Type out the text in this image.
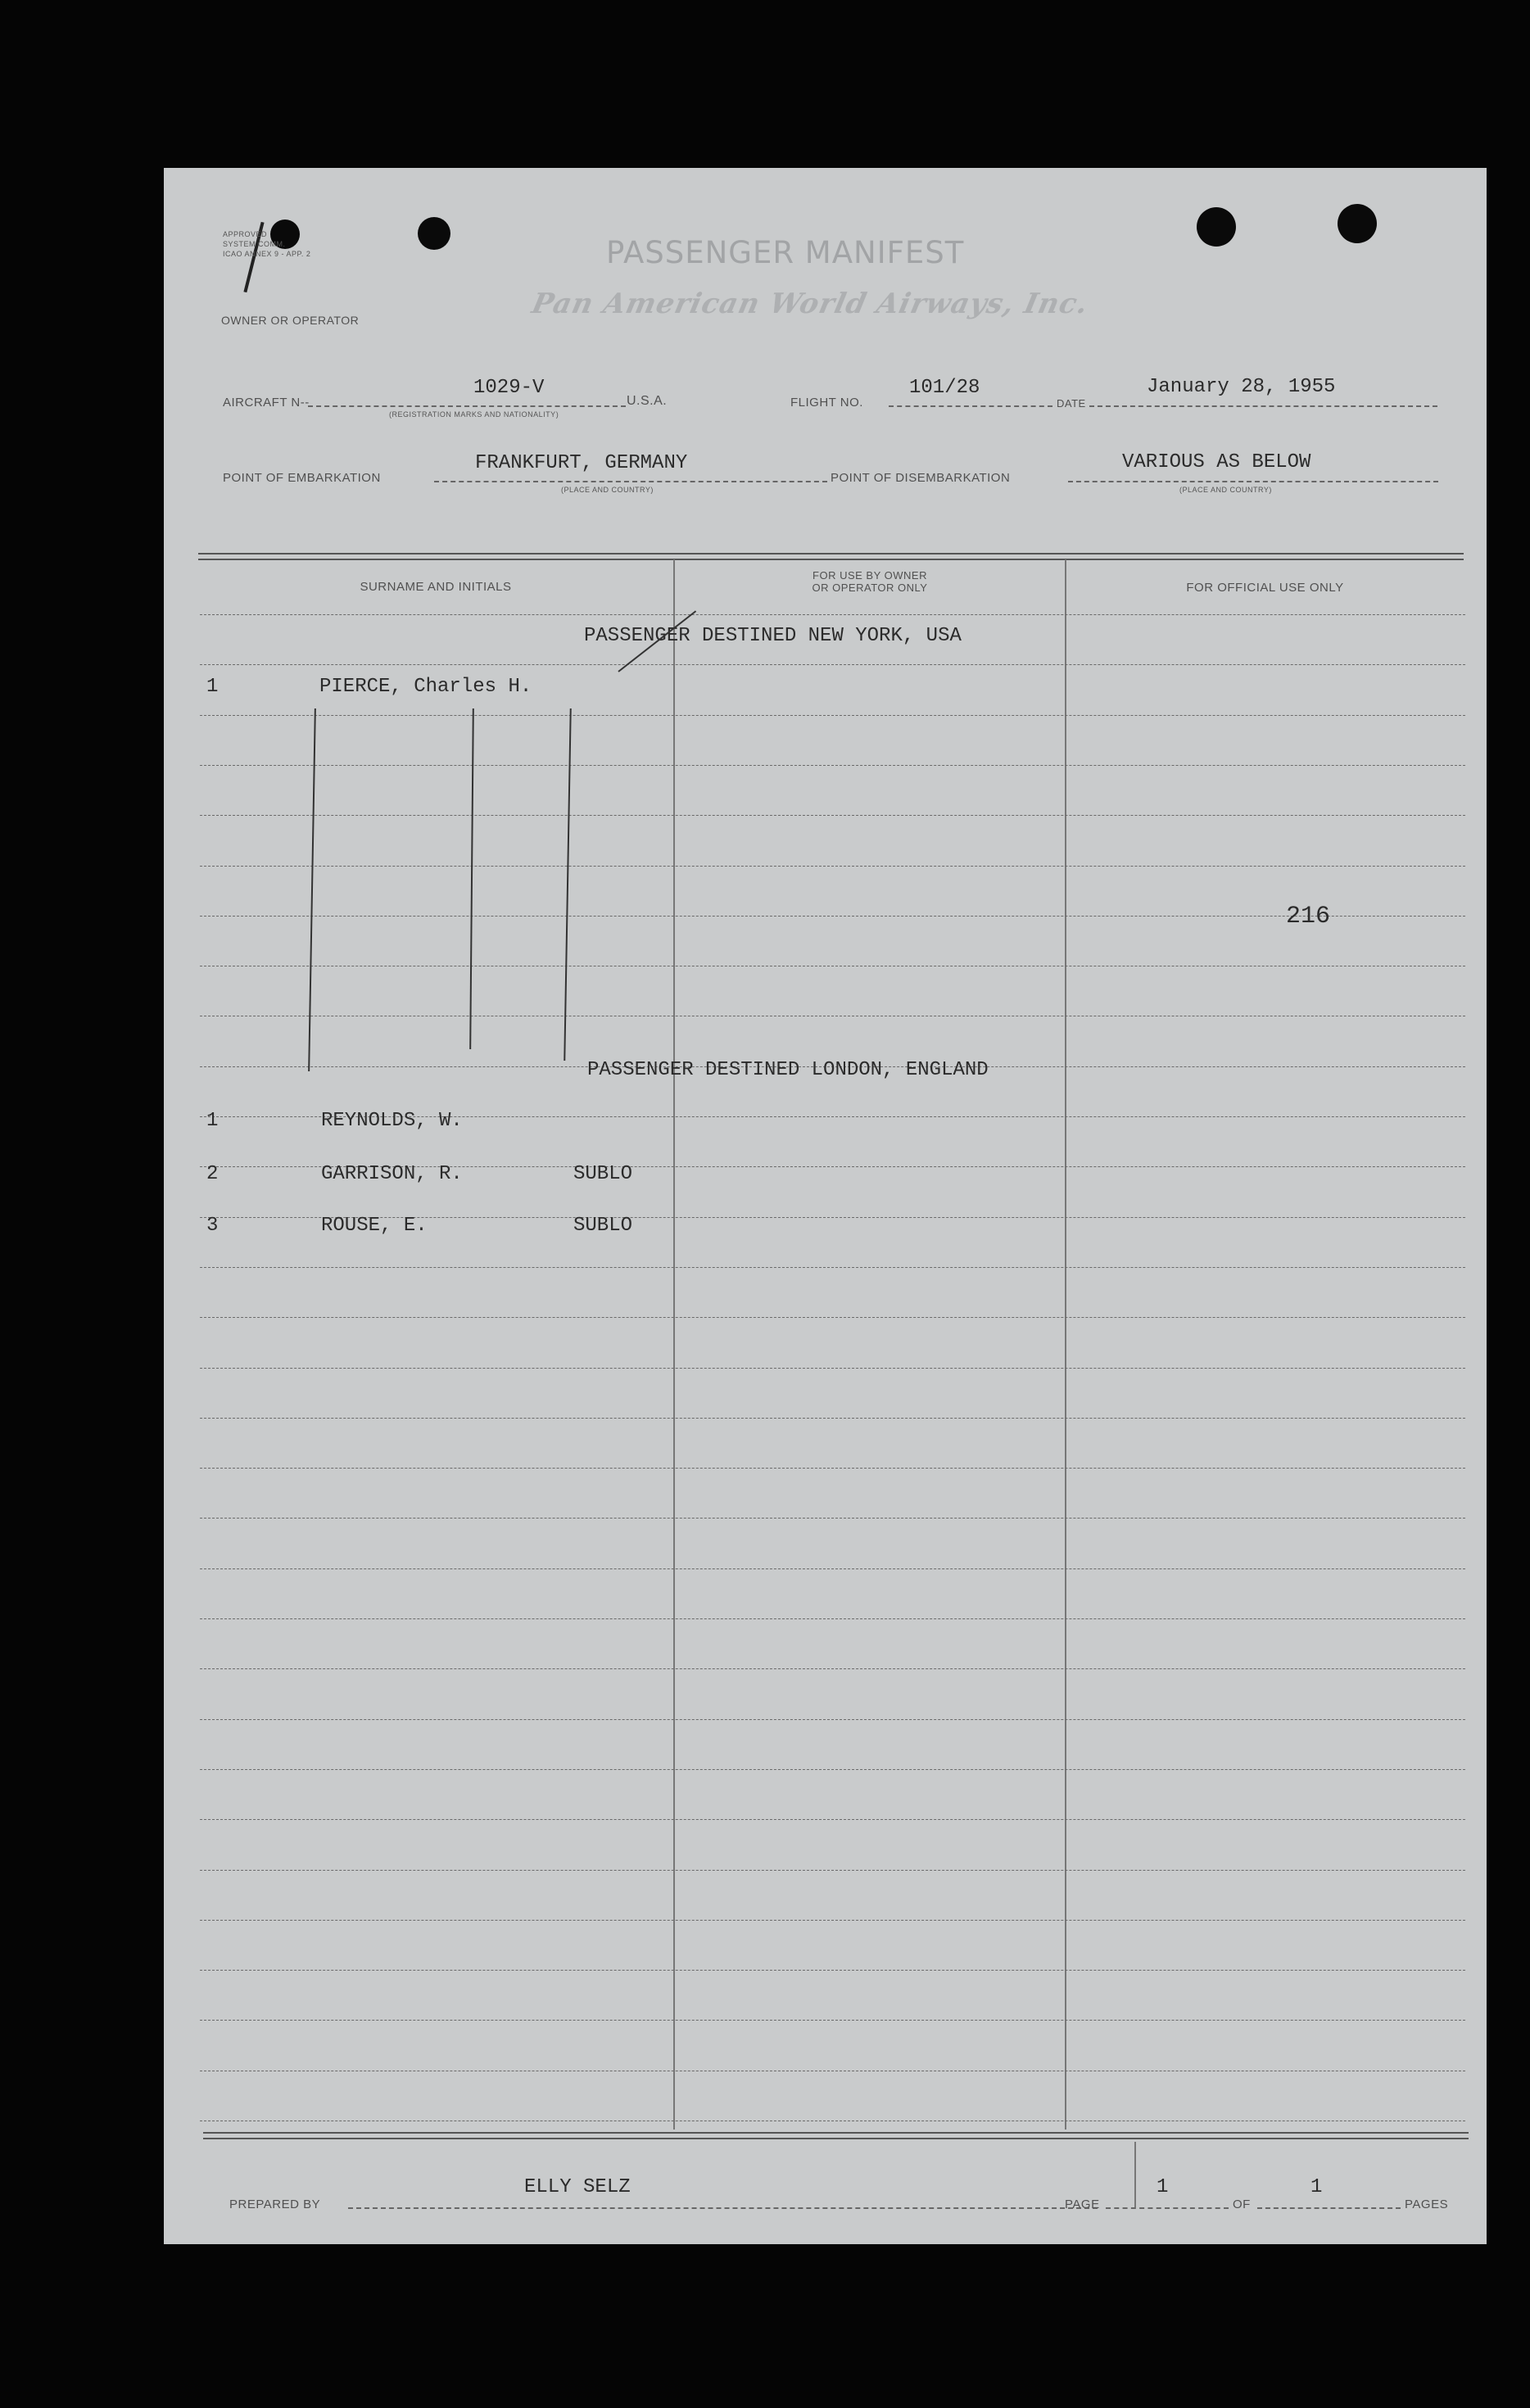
APPROVED
SYSTEM COMM.
ICAO ANNEX 9 - APP. 2
OWNER OR OPERATOR
PASSENGER MANIFEST
Pan American World Airways, Inc.
AIRCRAFT N--
1029-V
(REGISTRATION MARKS AND NATIONALITY)
U.S.A.	FLIGHT NO.
101/28
DATE
January 28, 1955
POINT OF EMBARKATION
FRANKFURT, GERMANY
(PLACE AND COUNTRY)
POINT OF DISEMBARKATION
VARIOUS AS BELOW
(PLACE AND COUNTRY)
SURNAME AND INITIALS
FOR USE BY OWNER
OR OPERATOR ONLY	FOR OFFICIAL USE ONLY
PASSENGER DESTINED NEW YORK, USA
1	PIERCE, Charles H.
216
PASSENGER DESTINED LONDON, ENGLAND
1	REYNOLDS, W.
2	GARRISON, R.	SUBLO
3	ROUSE, E.	SUBLO
PREPARED BY
ELLY SELZ
PAGE
1
OF
1
PAGES
